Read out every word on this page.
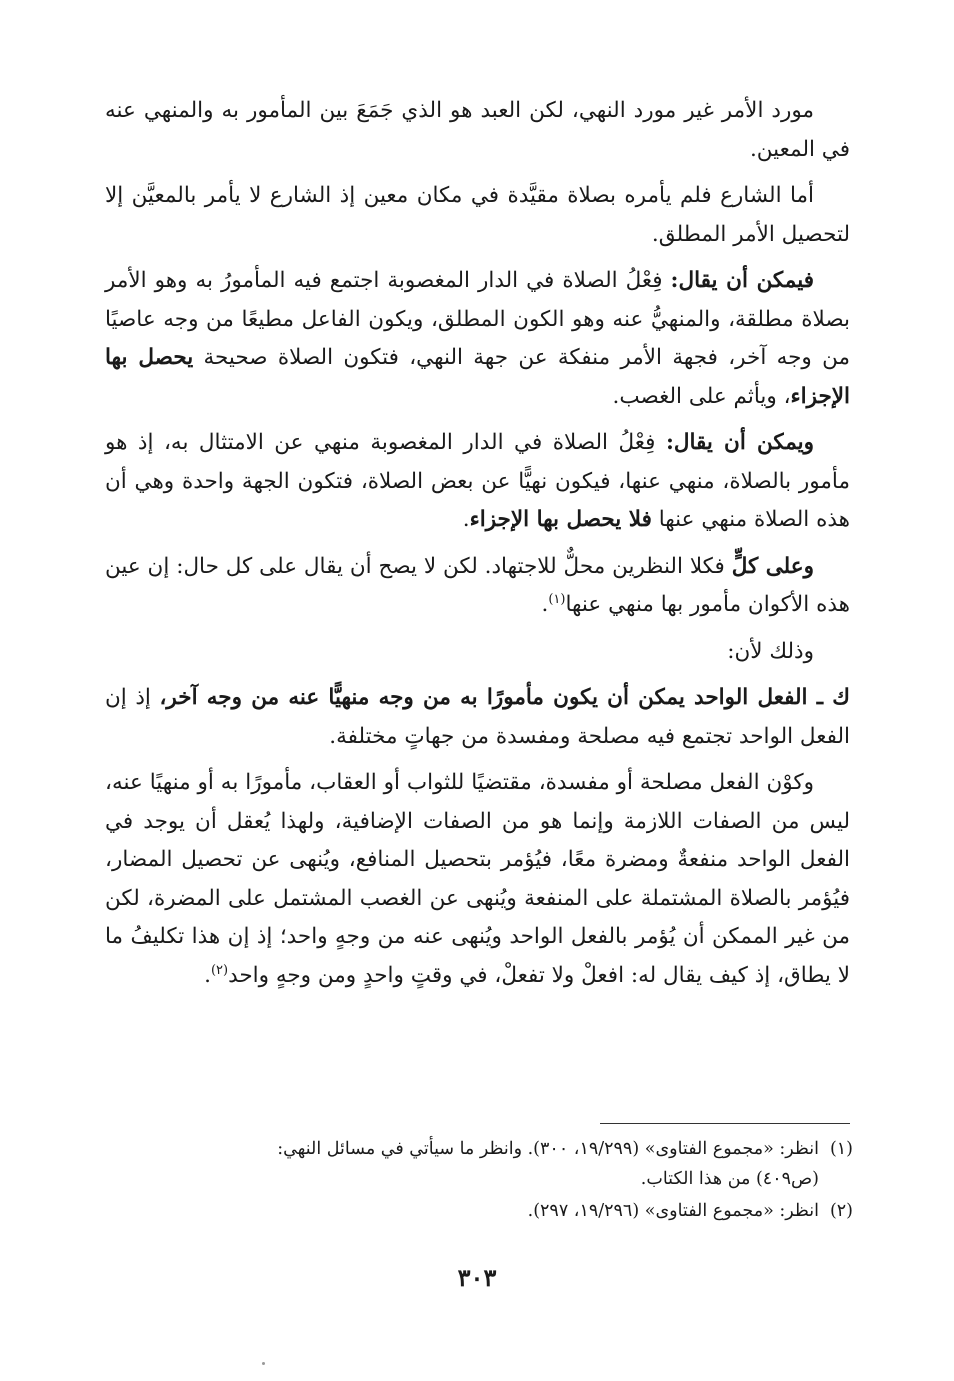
مورد الأمر غير مورد النهي، لكن العبد هو الذي جَمَعَ بين المأمور به والمنهي عنه في المعين.

أما الشارع فلم يأمره بصلاة مقيَّدة في مكان معين إذ الشارع لا يأمر بالمعيَّن إلا لتحصيل الأمر المطلق.

فيمكن أن يقال: فِعْلُ الصلاة في الدار المغصوبة اجتمع فيه المأمورُ به وهو الأمر بصلاة مطلقة، والمنهيُّ عنه وهو الكون المطلق، ويكون الفاعل مطيعًا من وجه عاصيًا من وجه آخر، فجهة الأمر منفكة عن جهة النهي، فتكون الصلاة صحيحة يحصل بها الإجزاء، ويأثم على الغصب.

ويمكن أن يقال: فِعْلُ الصلاة في الدار المغصوبة منهي عن الامتثال به، إذ هو مأمور بالصلاة، منهي عنها، فيكون نهيًّا عن بعض الصلاة، فتكون الجهة واحدة وهي أن هذه الصلاة منهي عنها فلا يحصل بها الإجزاء.

وعلى كلٍّ فكلا النظرين محلٌّ للاجتهاد. لكن لا يصح أن يقال على كل حال: إن عين هذه الأكوان مأمور بها منهي عنها$^{(١)}$.

وذلك لأن:

ك ـ الفعل الواحد يمكن أن يكون مأمورًا به من وجه منهيًّا عنه من وجه آخر، إذ إن الفعل الواحد تجتمع فيه مصلحة ومفسدة من جهاتٍ مختلفة.

وكوْن الفعل مصلحة أو مفسدة، مقتضيًا للثواب أو العقاب، مأمورًا به أو منهيًا عنه، ليس من الصفات اللازمة وإنما هو من الصفات الإضافية، ولهذا يُعقل أن يوجد في الفعل الواحد منفعةٌ ومضرة معًا، فيُؤمر بتحصيل المنافع، ويُنهى عن تحصيل المضار، فيُؤمر بالصلاة المشتملة على المنفعة ويُنهى عن الغصب المشتمل على المضرة، لكن من غير الممكن أن يُؤمر بالفعل الواحد ويُنهى عنه من وجهٍ واحد؛ إذ إن هذا تكليفُ ما لا يطاق، إذ كيف يقال له: افعلْ ولا تفعلْ، في وقتٍ واحدٍ ومن وجهٍ واحد$^{(٢)}$.

(١)انظر: «مجموع الفتاوى» (١٩/٢٩٩، ٣٠٠). وانظر ما سيأتي في مسائل النهي:
(ص٤٠٩) من هذا الكتاب.
(٢)انظر: «مجموع الفتاوى» (١٩/٢٩٦، ٢٩٧).
٣٠٣
